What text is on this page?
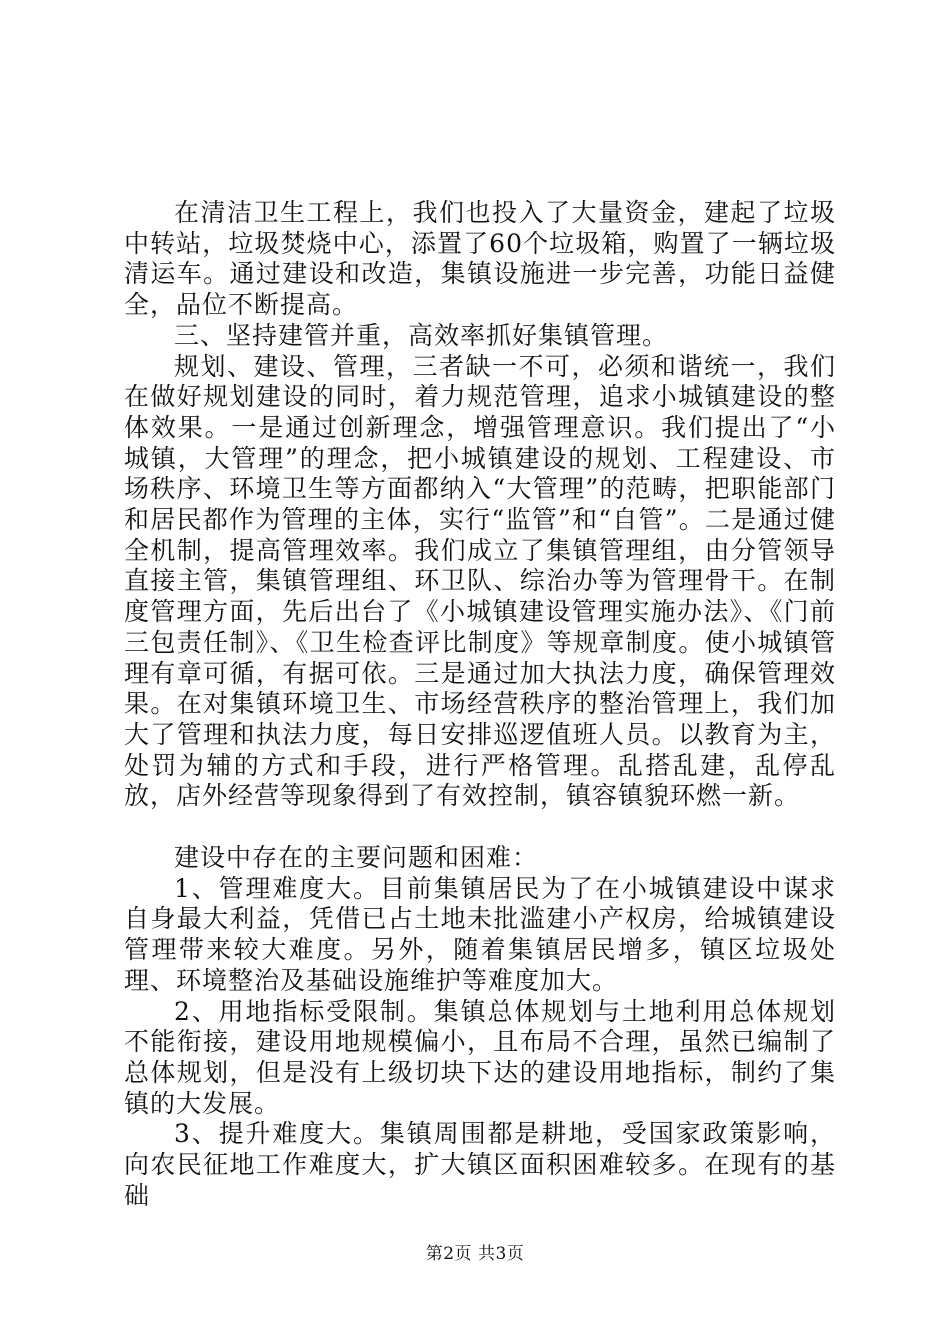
在清洁卫生工程上，我们也投入了大量资金，建起了垃圾中转站，垃圾焚烧中心，添置了60个垃圾箱，购置了一辆垃圾清运车。通过建设和改造，集镇设施进一步完善，功能日益健全，品位不断提高。

三、坚持建管并重，高效率抓好集镇管理。

规划、建设、管理，三者缺一不可，必须和谐统一，我们在做好规划建设的同时，着力规范管理，追求小城镇建设的整体效果。一是通过创新理念，增强管理意识。我们提出了“小城镇，大管理”的理念，把小城镇建设的规划、工程建设、市场秩序、环境卫生等方面都纳入“大管理”的范畴，把职能部门和居民都作为管理的主体，实行“监管”和“自管”。二是通过健全机制，提高管理效率。我们成立了集镇管理组，由分管领导直接主管，集镇管理组、环卫队、综治办等为管理骨干。在制度管理方面，先后出台了《小城镇建设管理实施办法》、《门前三包责任制》、《卫生检查评比制度》等规章制度。使小城镇管理有章可循，有据可依。三是通过加大执法力度，确保管理效果。在对集镇环境卫生、市场经营秩序的整治管理上，我们加大了管理和执法力度，每日安排巡逻值班人员。以教育为主，处罚为辅的方式和手段，进行严格管理。乱搭乱建，乱停乱放，店外经营等现象得到了有效控制，镇容镇貌环燃一新。

建设中存在的主要问题和困难：

1、管理难度大。目前集镇居民为了在小城镇建设中谋求自身最大利益，凭借已占土地未批滥建小产权房，给城镇建设管理带来较大难度。另外，随着集镇居民增多，镇区垃圾处理、环境整治及基础设施维护等难度加大。

2、用地指标受限制。集镇总体规划与土地利用总体规划不能衔接，建设用地规模偏小，且布局不合理，虽然已编制了总体规划，但是没有上级切块下达的建设用地指标，制约了集镇的大发展。

3、提升难度大。集镇周围都是耕地，受国家政策影响，向农民征地工作难度大，扩大镇区面积困难较多。在现有的基础

第2页 共3页
